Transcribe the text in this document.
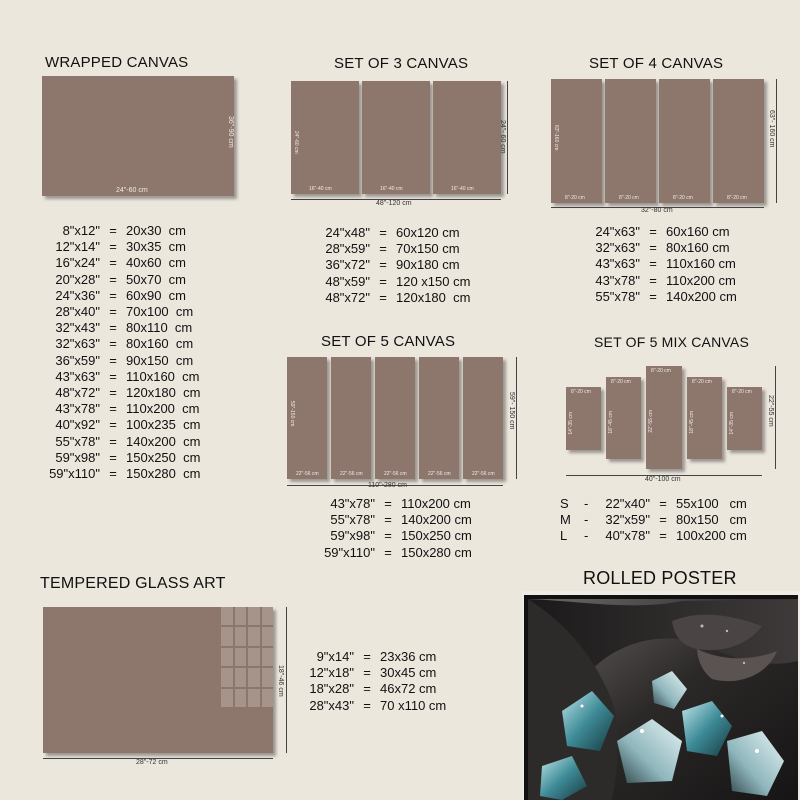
WRAPPED CANVAS
24"-60 cm
36"-90 cm
8"x12" = 20x30  cm
12"x14" = 30x35  cm
16"x24" = 40x60  cm
20"x28" = 50x70  cm
24"x36" = 60x90  cm
28"x40" = 70x100  cm
32"x43" = 80x110  cm
32"x63" = 80x160  cm
36"x59" = 90x150  cm
43"x63" = 110x160  cm
48"x72" = 120x180  cm
43"x78" = 110x200  cm
40"x92" = 100x235  cm
55"x78" = 140x200  cm
59"x98" = 150x250  cm
59"x110" = 150x280  cm
SET OF 3 CANVAS
24"-60 cm
16"-40 cm	16"-40 cm	16"-40 cm
48"-120 cm
24"- 60 cm
24"x48" = 60x120 cm
28"x59" = 70x150 cm
36"x72" = 90x180 cm
48"x59" = 120 x150 cm
48"x72" = 120x180  cm
SET OF 4 CANVAS
63"-160 cm
8"-20 cm	8"-20 cm	8"-20 cm	8"-20 cm
32"-80 cm
63"- 160 cm
24"x63" = 60x160 cm
32"x63" = 80x160 cm
43"x63" = 110x160 cm
43"x78" = 110x200 cm
55"x78" = 140x200 cm
SET OF 5 CANVAS
59"-150 cm
22"-56 cm	22"-56 cm	22"-56 cm	22"-56 cm	22"-56 cm
110"-280 cm
59"- 150 cm
43"x78" = 110x200 cm
55"x78" = 140x200 cm
59"x98" = 150x250 cm
59"x110" = 150x280 cm
SET OF 5 MIX CANVAS
8"-20 cm
14"-35 cm
8"-20 cm
18"-45 cm
8"-20 cm
22"-55 cm
8"-20 cm
18"-45 cm
8"-20 cm
14"-35 cm
40"-100 cm
22"-55 cm
S	-	22"x40" = 55x100   cm
M	-	32"x59" = 80x150   cm
L	-	40"x78" = 100x200 cm
TEMPERED GLASS ART
28"-72 cm
18"-46 cm
9"x14" = 23x36 cm
12"x18" = 30x45 cm
18"x28" = 46x72 cm
28"x43" = 70 x110 cm
ROLLED POSTER
